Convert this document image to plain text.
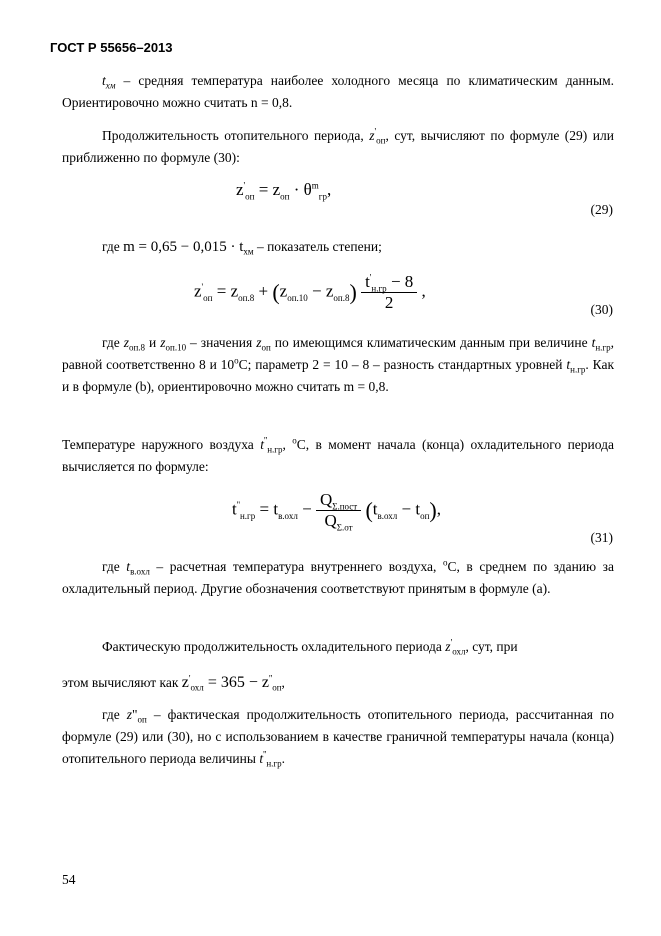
ГОСТ Р 55656–2013
$t_{хм}$ – средняя температура наиболее холодного месяца по климатическим данным. Ориентировочно можно считать n = 0,8.
Продолжительность отопительного периода, $z'_{оп}$, сут, вычисляют по формуле (29) или приближенно по формуле (30):
$z'_{оп} = z_{оп} \cdot \theta^m_{гр}$,
(29)
где $m = 0,65 - 0,015 \cdot t_{хм}$ – показатель степени;
$z'_{оп} = z_{оп.8} + (z_{оп.10} - z_{оп.8}) \frac{t'_{н.гр} - 8}{2}$ ,
(30)
где $z_{оп.8}$ и $z_{оп.10}$ – значения $z_{оп}$ по имеющимся климатическим данным при величине $t_{н.гр}$, равной соответственно 8 и $10^оС$; параметр 2 = 10 – 8 – разность стандартных уровней $t_{н.гр}$. Как и в формуле (b), ориентировочно можно считать m = 0,8.
Температуре наружного воздуха $t''_{н.гр}$, $^о$С, в момент начала (конца) охладительного периода вычисляется по формуле:
$t''_{н.гр} = t_{в.охл} - \frac{Q_{\Sigma.пост}}{Q_{\Sigma.от}} (t_{в.охл} - t_{оп})$,
(31)
где $t_{в.охл}$ – расчетная температура внутреннего воздуха, $^о$С, в среднем по зданию за охладительный период. Другие обозначения соответствуют принятым в формуле (а).
Фактическую продолжительность охладительного периода $z'_{охл}$, сут, при
этом вычисляют как $z'_{охл} = 365 - z''_{оп}$,
где $z"_{оп}$ – фактическая продолжительность отопительного периода, рассчитанная по формуле (29) или (30), но с использованием в качестве граничной температуры начала (конца) отопительного периода величины $t''_{н.гр}$.
54
